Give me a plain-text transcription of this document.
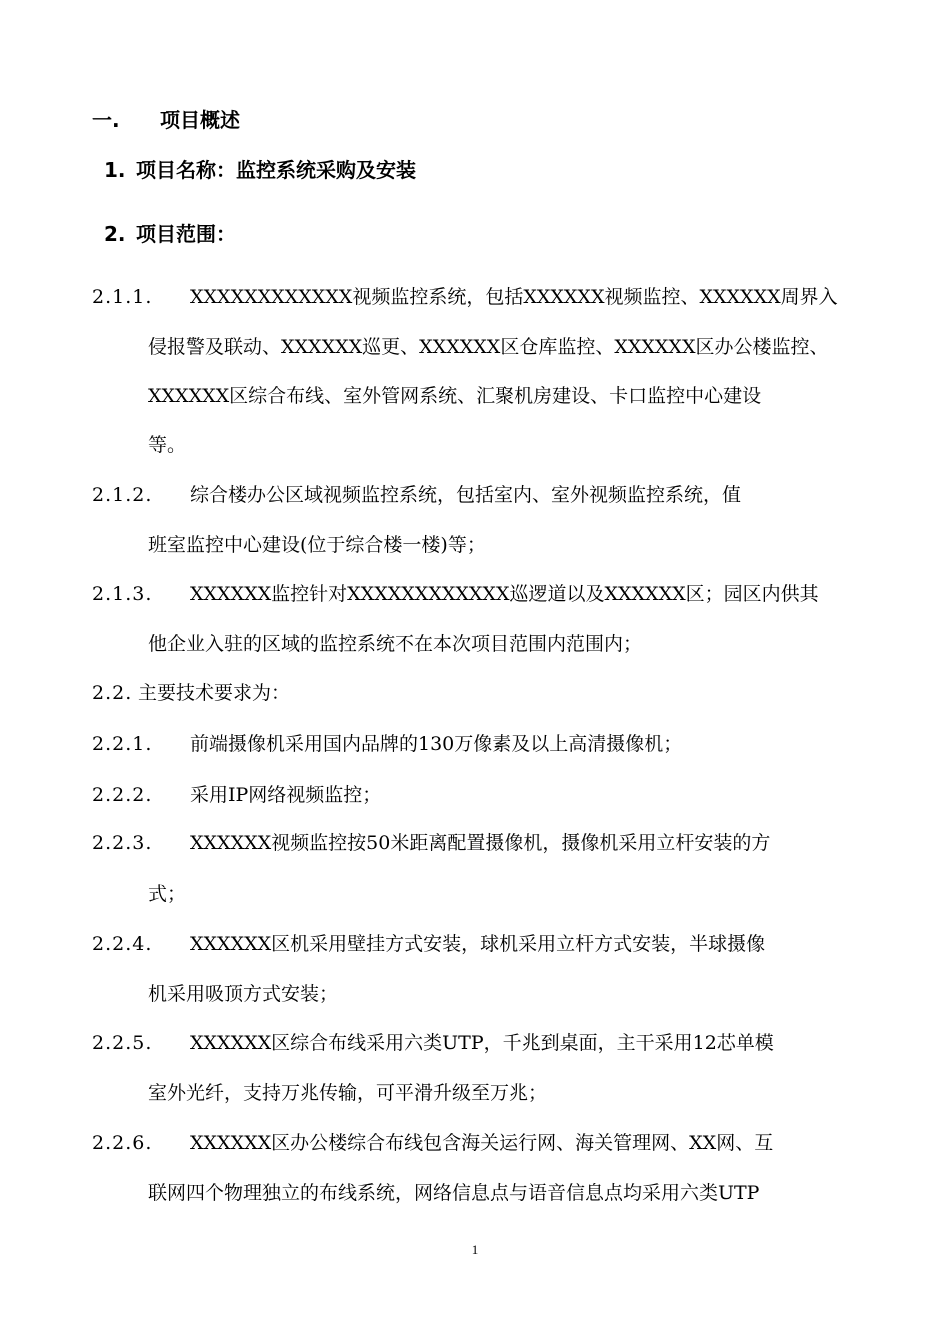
一. 项目概述
1. 项目名称：监控系统采购及安装
2. 项目范围：
2.1.1. XXXXXXXXXXXX视频监控系统，包括XXXXXX视频监控、XXXXXX周界入
侵报警及联动、XXXXXX巡更、XXXXXX区仓库监控、XXXXXX区办公楼监控、
XXXXXX区综合布线、室外管网系统、汇聚机房建设、卡口监控中心建设
等。
2.1.2. 综合楼办公区域视频监控系统，包括室内、室外视频监控系统，值
班室监控中心建设(位于综合楼一楼)等；
2.1.3. XXXXXX监控针对XXXXXXXXXXXX巡逻道以及XXXXXX区；园区内供其
他企业入驻的区域的监控系统不在本次项目范围内范围内；
2.2. 主要技术要求为：
2.2.1. 前端摄像机采用国内品牌的130万像素及以上高清摄像机；
2.2.2. 采用IP网络视频监控；
2.2.3. XXXXXX视频监控按50米距离配置摄像机，摄像机采用立杆安装的方
式；
2.2.4. XXXXXX区机采用壁挂方式安装，球机采用立杆方式安装，半球摄像
机采用吸顶方式安装；
2.2.5. XXXXXX区综合布线采用六类UTP，千兆到桌面，主干采用12芯单模
室外光纤，支持万兆传输，可平滑升级至万兆；
2.2.6. XXXXXX区办公楼综合布线包含海关运行网、海关管理网、XX网、互
联网四个物理独立的布线系统，网络信息点与语音信息点均采用六类UTP
1
